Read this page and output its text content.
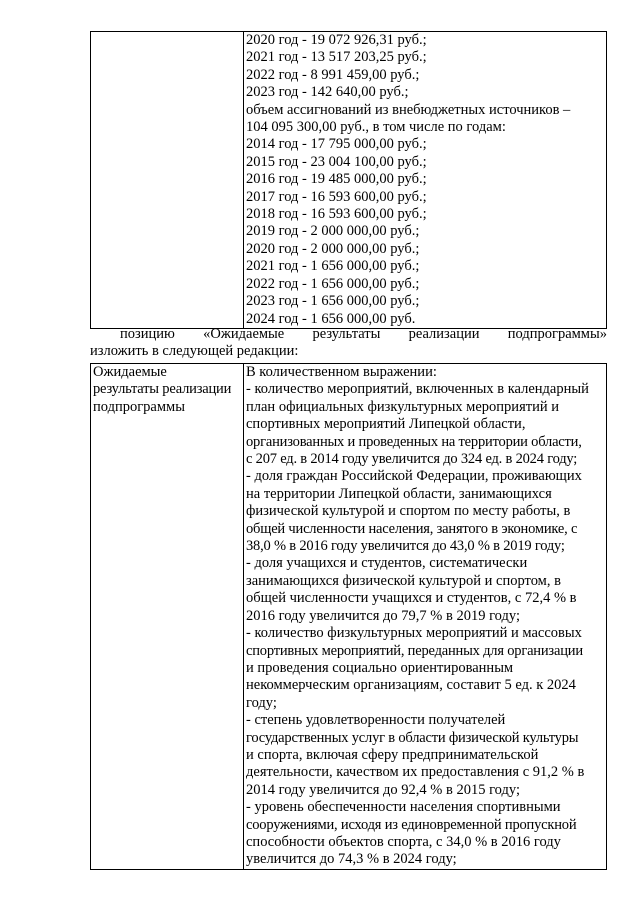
2020 год - 19 072 926,31 руб.;
2021 год - 13 517 203,25 руб.;
2022 год - 8 991 459,00 руб.;
2023 год - 142 640,00 руб.;
объем ассигнований из внебюджетных источников –
104 095 300,00 руб., в том числе по годам:
2014 год - 17 795 000,00 руб.;
2015 год - 23 004 100,00 руб.;
2016 год - 19 485 000,00 руб.;
2017 год - 16 593 600,00 руб.;
2018 год - 16 593 600,00 руб.;
2019 год - 2 000 000,00 руб.;
2020 год - 2 000 000,00 руб.;
2021 год - 1 656 000,00 руб.;
2022 год - 1 656 000,00 руб.;
2023 год - 1 656 000,00 руб.;
2024 год - 1 656 000,00 руб.
позицию «Ожидаемые результаты реализации подпрограммы»
изложить в следующей редакции:
Ожидаемые
результаты реализации
подпрограммы

В количественном выражении:
- количество мероприятий, включенных в календарный
план официальных физкультурных мероприятий и
спортивных мероприятий Липецкой области,
организованных и проведенных на территории области,
с 207 ед. в 2014 году увеличится до 324 ед. в 2024 году;
- доля граждан Российской Федерации, проживающих
на территории Липецкой области, занимающихся
физической культурой и спортом по месту работы, в
общей численности населения, занятого в экономике, с
38,0 % в 2016 году увеличится до 43,0 % в 2019 году;
- доля учащихся и студентов, систематически
занимающихся физической культурой и спортом, в
общей численности учащихся и студентов, с 72,4 % в
2016 году увеличится до 79,7 % в 2019 году;
- количество физкультурных мероприятий и массовых
спортивных мероприятий, переданных для организации
и проведения социально ориентированным
некоммерческим организациям, составит 5 ед. к 2024
году;
- степень удовлетворенности получателей
государственных услуг в области физической культуры
и спорта, включая сферу предпринимательской
деятельности, качеством их предоставления с 91,2 % в
2014 году увеличится до 92,4 % в 2015 году;
- уровень обеспеченности населения спортивными
сооружениями, исходя из единовременной пропускной
способности объектов спорта, с 34,0 % в 2016 году
увеличится до 74,3 % в 2024 году;
